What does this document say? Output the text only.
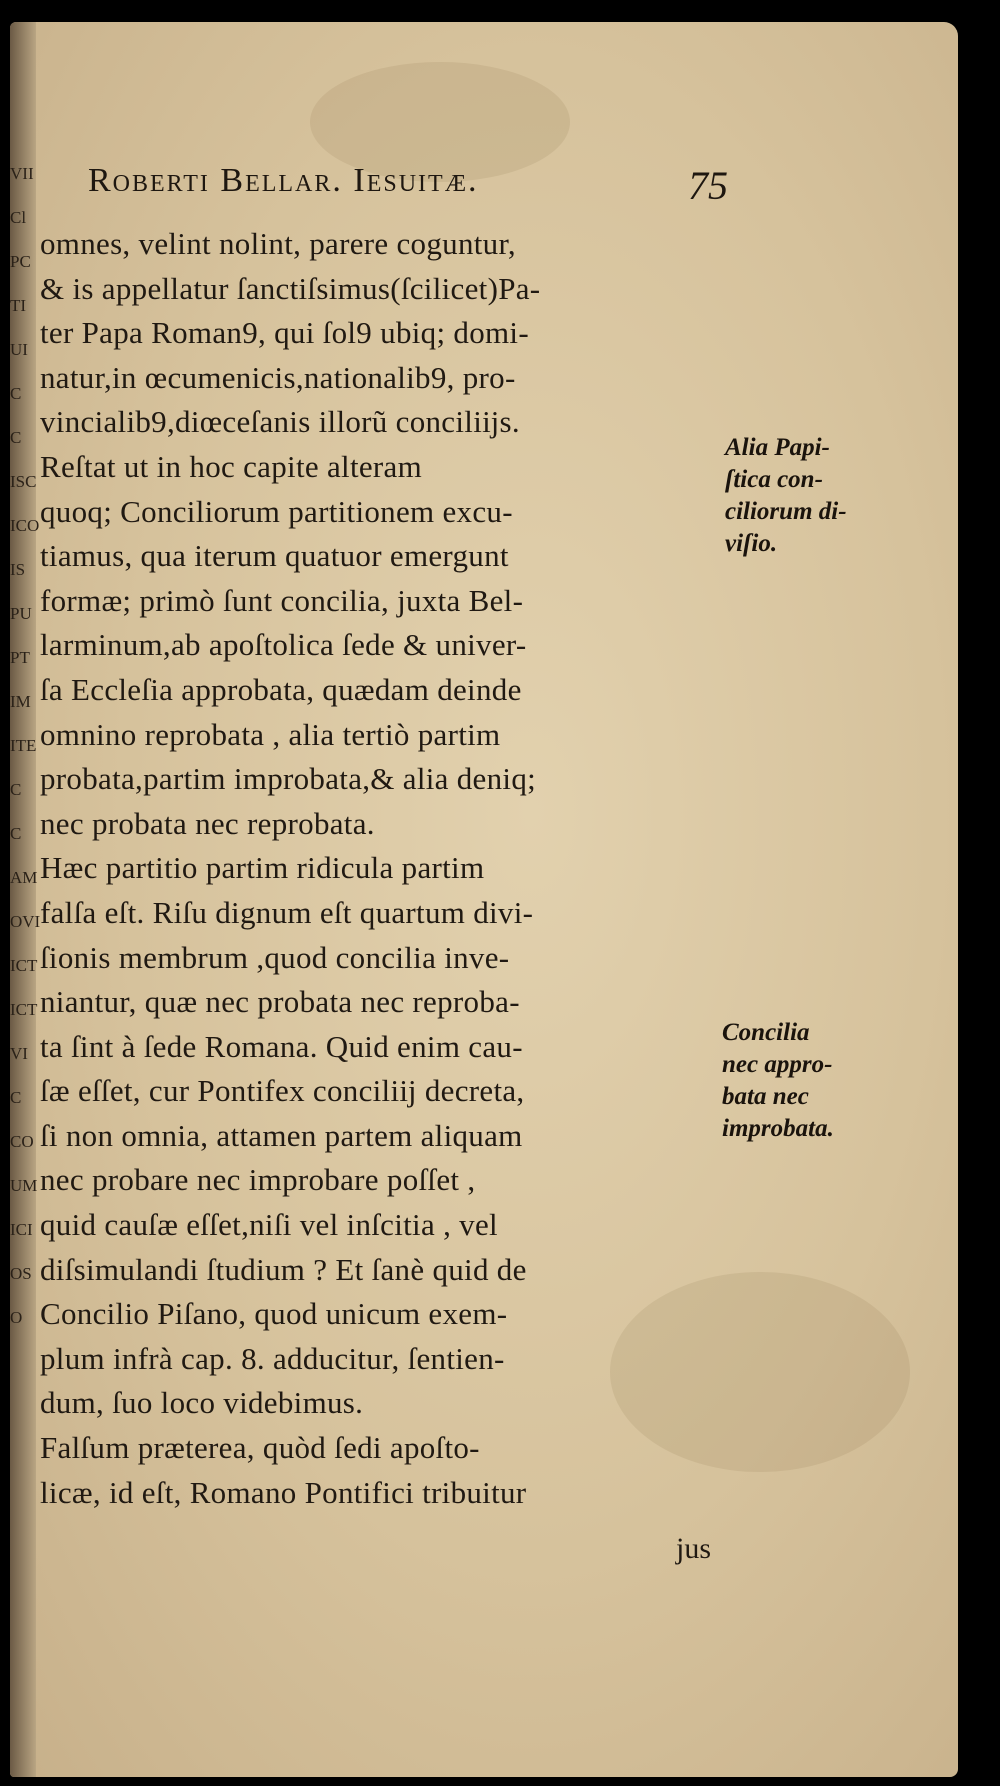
VII
Cl
PC
TI
UI
C
C
ISC
ICO
IS
PU
PT
IM
ITE
C
C
AM
OVI
ICT
ICT
VI
C
CO
UM
ICI
OS
O
Roberti Bellar. Iesuitæ.	75
omnes, velint nolint, parere coguntur,
& is appellatur ſanctiſsimus(ſcilicet)Pa-
ter Papa Roman9, qui ſol9 ubiq; domi-
natur,in œcumenicis,nationalib9, pro-
vincialib9,diœceſanis illorũ conciliĳs.
Reſtat ut in hoc capite alteram
quoq; Conciliorum partitionem excu-
tiamus, qua iterum quatuor emergunt
formæ; primò ſunt concilia, juxta Bel-
larminum,ab apoſtolica ſede & univer-
ſa Eccleſia approbata, quædam deinde
omnino reprobata , alia tertiò partim
probata,partim improbata,& alia deniq;
nec probata nec reprobata.
Hæc partitio partim ridicula partim
falſa eſt. Riſu dignum eſt quartum divi-
ſionis membrum ,quod concilia inve-
niantur, quæ nec probata nec reproba-
ta ſint à ſede Romana. Quid enim cau-
ſæ eſſet, cur Pontifex conciliĳ decreta,
ſi non omnia, attamen partem aliquam
nec probare nec improbare poſſet ,
quid cauſæ eſſet,niſi vel inſcitia , vel
diſsimulandi ſtudium ? Et ſanè quid de
Concilio Piſano, quod unicum exem-
plum infrà cap. 8. adducitur, ſentien-
dum, ſuo loco videbimus.
Falſum præterea, quòd ſedi apoſto-
licæ, id eſt, Romano Pontifici tribuitur
Alia Papi-
ſtica con-
ciliorum di-
viſio.
Concilia
nec appro-
bata nec
improbata.
jus
